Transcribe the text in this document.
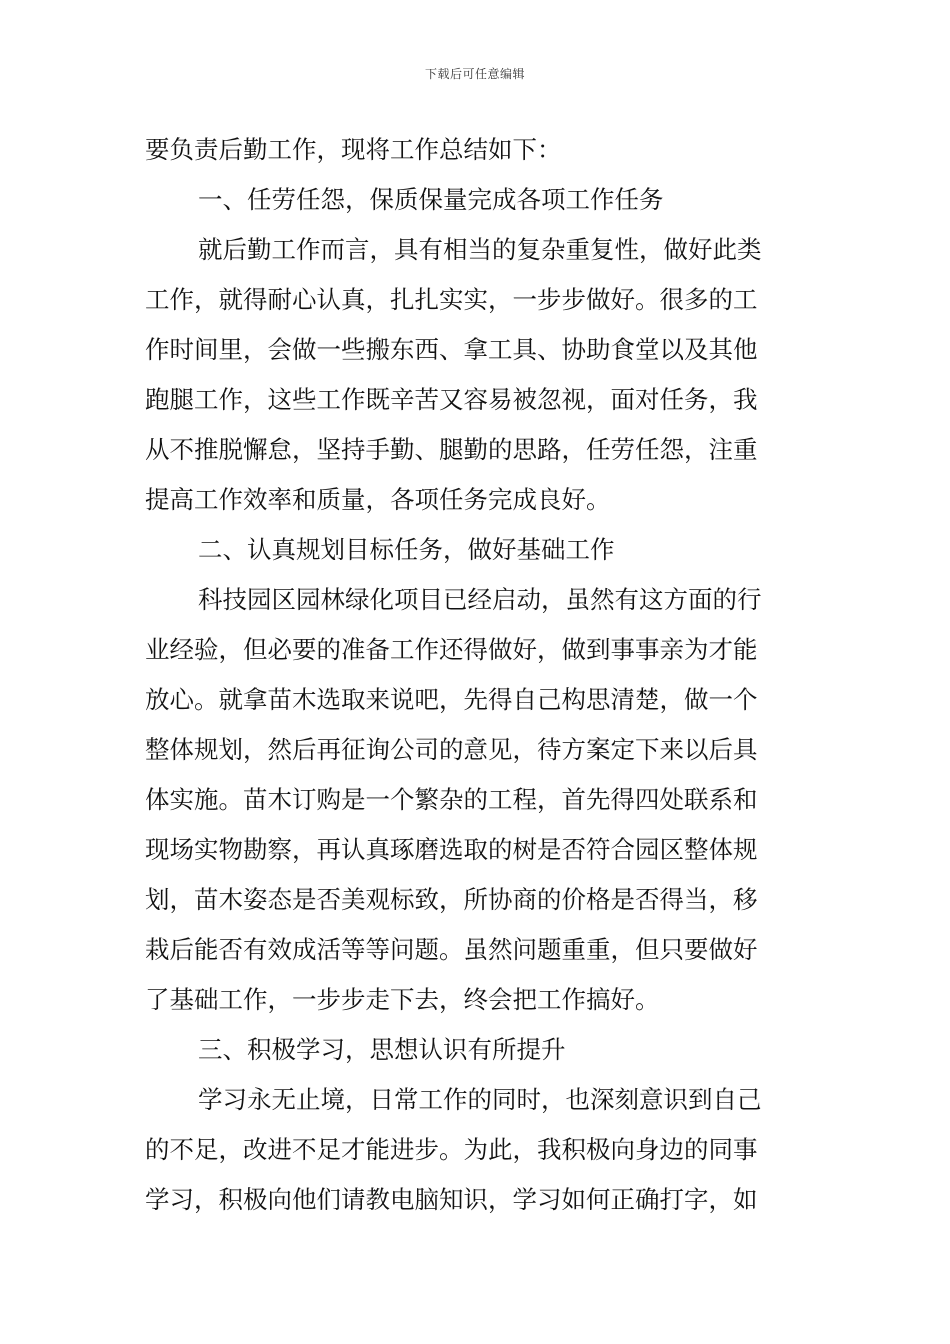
下载后可任意编辑
要负责后勤工作，现将工作总结如下：
一、任劳任怨，保质保量完成各项工作任务
就后勤工作而言，具有相当的复杂重复性，做好此类
工作，就得耐心认真，扎扎实实，一步步做好。很多的工
作时间里，会做一些搬东西、拿工具、协助食堂以及其他
跑腿工作，这些工作既辛苦又容易被忽视，面对任务，我
从不推脱懈怠，坚持手勤、腿勤的思路，任劳任怨，注重
提高工作效率和质量，各项任务完成良好。
二、认真规划目标任务，做好基础工作
科技园区园林绿化项目已经启动，虽然有这方面的行
业经验，但必要的准备工作还得做好，做到事事亲为才能
放心。就拿苗木选取来说吧，先得自己构思清楚，做一个
整体规划，然后再征询公司的意见，待方案定下来以后具
体实施。苗木订购是一个繁杂的工程，首先得四处联系和
现场实物勘察，再认真琢磨选取的树是否符合园区整体规
划，苗木姿态是否美观标致，所协商的价格是否得当，移
栽后能否有效成活等等问题。虽然问题重重，但只要做好
了基础工作，一步步走下去，终会把工作搞好。
三、积极学习，思想认识有所提升
学习永无止境，日常工作的同时，也深刻意识到自己
的不足，改进不足才能进步。为此，我积极向身边的同事
学习，积极向他们请教电脑知识，学习如何正确打字，如
